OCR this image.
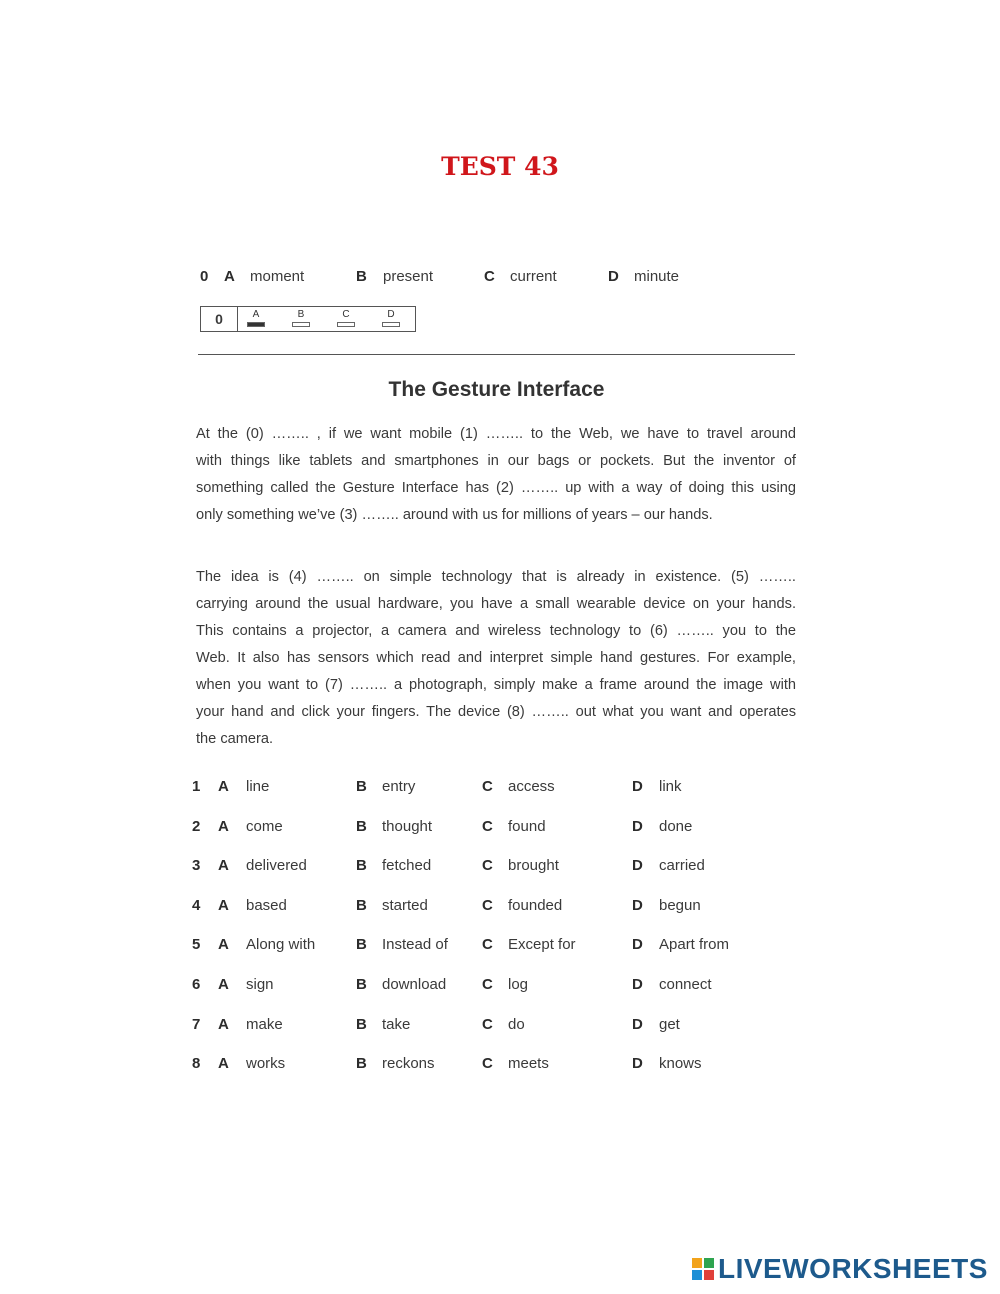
TEST 43
0 A moment	B present	C current	D minute
0	A	B	C	D
The Gesture Interface
At the (0) …….. , if we want mobile (1) …….. to the Web, we have to travel around
with things like tablets and smartphones in our bags or pockets. But the inventor of
something called the Gesture Interface has (2) …….. up with a way of doing this using
only something we’ve (3) …….. around with us for millions of years – our hands.
The idea is (4) …….. on simple technology that is already in existence. (5) ……..
carrying around the usual hardware, you have a small wearable device on your hands.
This contains a projector, a camera and wireless technology to (6) …….. you to the
Web. It also has sensors which read and interpret simple hand gestures. For example,
when you want to (7) …….. a photograph, simply make a frame around the image with
your hand and click your fingers. The device (8) …….. out what you want and operates
the camera.
1 A line	B entry	C access	D link
2 A come	B thought	C found	D done
3 A delivered	B fetched	C brought	D carried
4 A based	B started	C founded	D begun
5 A Along with	B Instead of C Except for	D Apart from
6 A sign	B download C log	D connect
7 A make	B take	C do	D get
8 A works	B reckons	C meets	D knows
LIVEWORKSHEETS
